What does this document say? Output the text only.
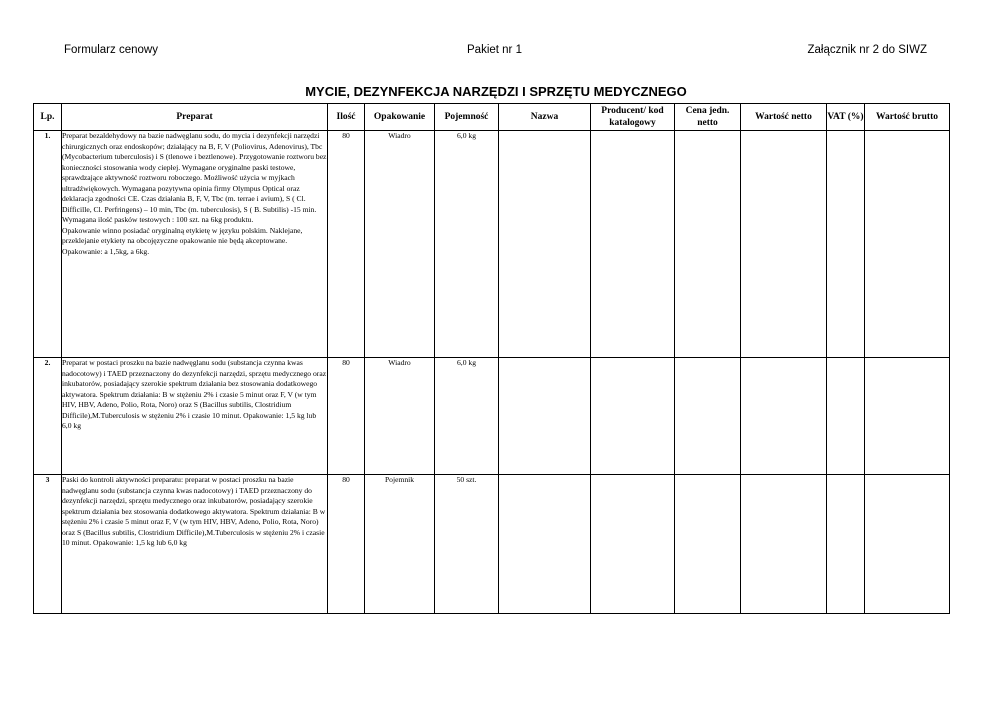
Formularz cenowy	Pakiet nr 1	Załącznik nr 2 do SIWZ
MYCIE, DEZYNFEKCJA NARZĘDZI I SPRZĘTU MEDYCZNEGO
Lp.	Preparat	Ilość	Opakowanie	Pojemność	Nazwa	Producent/ kod katalogowy	Cena jedn. netto	Wartość netto	VAT (%)	Wartość brutto
1.	Preparat bezaldehydowy na bazie nadwęglanu sodu, do mycia i dezynfekcji narzędzi chirurgicznych oraz endoskopów; działający na B, F, V (Poliovirus, Adenovirus), Tbc (Mycobacterium tuberculosis) i S (tlenowe i beztlenowe). Przygotowanie roztworu bez konieczności stosowania wody ciepłej. Wymagane oryginalne paski testowe, sprawdzające aktywność roztworu roboczego. Możliwość użycia w myjkach ultradźwiękowych. Wymagana pozytywna opinia firmy Olympus Optical oraz deklaracja zgodności CE. Czas działania B, F, V, Tbc (m. terrae i avium), S ( Cl. Difficille, Cl. Perfringens) – 10 min, Tbc (m. tuberculosis), S ( B. Subtilis) -15 min. Wymagana ilość pasków testowych : 100 szt. na 6kg produktu.
Opakowanie winno posiadać oryginalną etykietę w języku polskim. Naklejane, przeklejanie etykiety na obcojęzyczne opakowanie nie będą akceptowane.
Opakowanie: a 1,5kg, a 6kg.	80	Wiadro	6,0 kg						
2.	Preparat w postaci proszku na bazie nadwęglanu sodu (substancja czynna kwas nadocotowy) i TAED przeznaczony do dezynfekcji narzędzi, sprzętu medycznego oraz inkubatorów, posiadający szerokie spektrum działania bez stosowania dodatkowego aktywatora. Spektrum działania: B w stężeniu 2% i czasie 5 minut oraz F, V (w tym HIV, HBV, Adeno, Polio, Rota, Noro) oraz S (Bacillus subtilis, Clostridium Difficile),M.Tuberculosis w stężeniu 2% i czasie 10 minut. Opakowanie: 1,5 kg lub 6,0 kg	80	Wiadro	6,0 kg						
3	Paski do kontroli aktywności preparatu: preparat w postaci proszku na bazie nadwęglanu sodu (substancja czynna kwas nadocotowy) i TAED przeznaczony do dezynfekcji narzędzi, sprzętu medycznego oraz inkubatorów, posiadający szerokie spektrum działania bez stosowania dodatkowego aktywatora. Spektrum działania: B w stężeniu 2% i czasie 5 minut oraz F, V (w tym HIV, HBV, Adeno, Polio, Rota, Noro) oraz S (Bacillus subtilis, Clostridium Difficile),M.Tuberculosis w stężeniu 2% i czasie 10 minut. Opakowanie: 1,5 kg lub 6,0 kg	80	Pojemnik	50 szt.						
